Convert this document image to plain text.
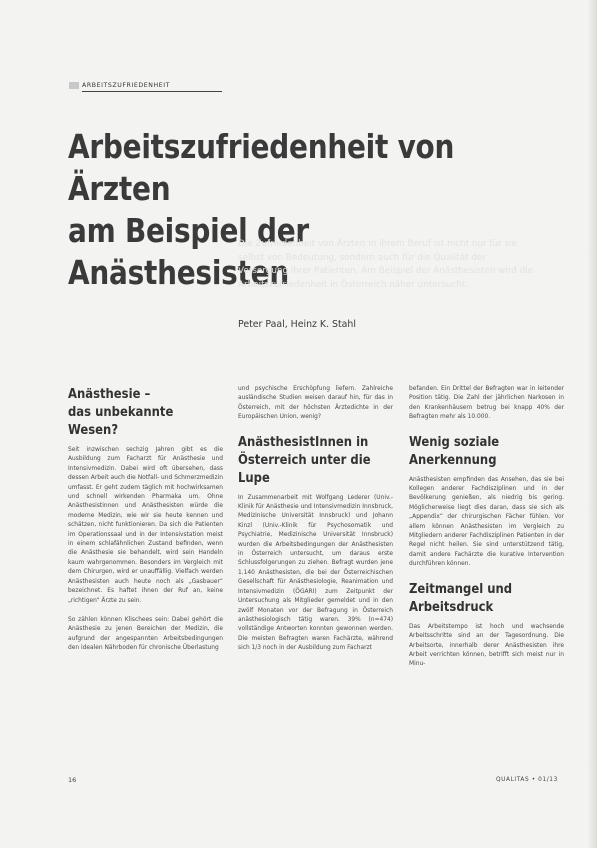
ARBEITSZUFRIEDENHEIT
Arbeitszufriedenheit von Ärzten
am Beispiel der Anästhesisten
Die Zufriedenheit von Ärzten in ihrem Beruf ist nicht nur für sie selbst von Bedeutung, sondern auch für die Qualität der Versorgung ihrer Patienten. Am Beispiel der Anästhesisten wird die Arbeitszufriedenheit in Österreich näher untersucht.
Peter Paal, Heinz K. Stahl
Anästhesie –
das unbekannte Wesen?
Seit inzwischen sechzig Jahren gibt es die Ausbildung zum Facharzt für Anästhesie und Intensivmedizin. Dabei wird oft übersehen, dass dessen Arbeit auch die Notfall- und Schmerzmedizin umfasst. Er geht zudem täglich mit hochwirksamen und schnell wirkenden Pharmaka um. Ohne Anästhesistinnen und Anästhesisten würde die moderne Medizin, wie wir sie heute kennen und schätzen, nicht funktionieren. Da sich die Patienten im Operationssaal und in der Intensivstation meist in einem schlafähnlichen Zustand befinden, wenn die Anästhesie sie behandelt, wird sein Handeln kaum wahrgenommen. Besonders im Vergleich mit dem Chirurgen, wird er unauffällig. Vielfach werden Anästhesisten auch heute noch als „Gasbauer“ bezeichnet. Es haftet ihnen der Ruf an, keine „richtigen“ Ärzte zu sein.
So zählen können Klischees sein: Dabei gehört die Anästhesie zu jenen Bereichen der Medizin, die aufgrund der angespannten Arbeitsbedingungen den idealen Nährboden für chronische Überlastung
und psychische Erschöpfung liefern. Zahlreiche ausländische Studien weisen darauf hin, für das in Österreich, mit der höchsten Ärztedichte in der Europäischen Union, wenig?
AnästhesistInnen in
Österreich unter die Lupe
In Zusammenarbeit mit Wolfgang Lederer (Univ.-Klinik für Anästhesie und Intensivmedizin Innsbruck, Medizinische Universität Innsbruck) und Johann Kinzl (Univ.-Klinik für Psychosomatik und Psychiatrie, Medizinische Universität Innsbruck) wurden die Arbeitsbedingungen der Anästhesisten in Österreich untersucht, um daraus erste Schlussfolgerungen zu ziehen. Befragt wurden jene 1.140 Anästhesisten, die bei der Österreichischen Gesellschaft für Anästhesiologie, Reanimation und Intensivmedizin (ÖGARI) zum Zeitpunkt der Untersuchung als Mitglieder gemeldet und in den zwölf Monaten vor der Befragung in Österreich anästhesiologisch tätig waren. 39% (n=474) vollständige Antworten konnten gewonnen werden. Die meisten Befragten waren Fachärzte, während sich 1/3 noch in der Ausbildung zum Facharzt
befanden. Ein Drittel der Befragten war in leitender Position tätig. Die Zahl der jährlichen Narkosen in den Krankenhäusern betrug bei knapp 40% der Befragten mehr als 10.000.
Wenig soziale Anerkennung
Anästhesisten empfinden das Ansehen, das sie bei Kollegen anderer Fachdisziplinen und in der Bevölkerung genießen, als niedrig bis gering. Möglicherweise liegt dies daran, dass sie sich als „Appendix“ der chirurgischen Fächer fühlen. Vor allem können Anästhesisten im Vergleich zu Mitgliedern anderer Fachdisziplinen Patienten in der Regel nicht heilen. Sie sind unterstützend tätig, damit andere Fachärzte die kurative Intervention durchführen können.
Zeitmangel und
Arbeitsdruck
Das Arbeitstempo ist hoch und wachsende Arbeitsschritte sind an der Tagesordnung. Die Arbeitsorte, innerhalb derer Anästhesisten ihre Arbeit verrichten können, betrifft sich meist nur in Minu-
16	QUALITAS • 01/13
